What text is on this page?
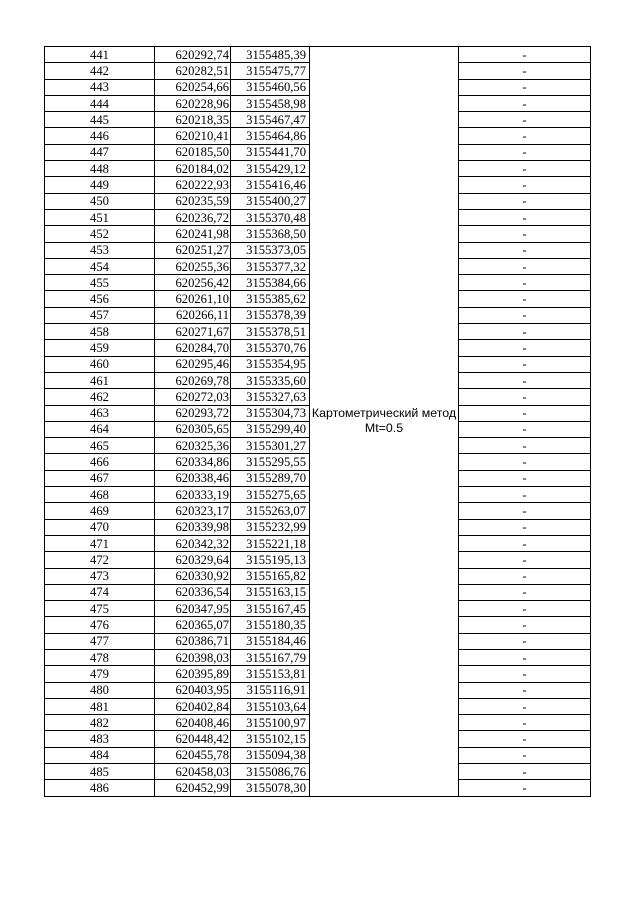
441	620292,74	3155485,39	Картометрический метод Mt=0.5	-
442	620282,51	3155475,77		-
443	620254,66	3155460,56		-
444	620228,96	3155458,98		-
445	620218,35	3155467,47		-
446	620210,41	3155464,86		-
447	620185,50	3155441,70		-
448	620184,02	3155429,12		-
449	620222,93	3155416,46		-
450	620235,59	3155400,27		-
451	620236,72	3155370,48		-
452	620241,98	3155368,50		-
453	620251,27	3155373,05		-
454	620255,36	3155377,32		-
455	620256,42	3155384,66		-
456	620261,10	3155385,62		-
457	620266,11	3155378,39		-
458	620271,67	3155378,51		-
459	620284,70	3155370,76		-
460	620295,46	3155354,95		-
461	620269,78	3155335,60		-
462	620272,03	3155327,63		-
463	620293,72	3155304,73		-
464	620305,65	3155299,40		-
465	620325,36	3155301,27		-
466	620334,86	3155295,55		-
467	620338,46	3155289,70		-
468	620333,19	3155275,65		-
469	620323,17	3155263,07		-
470	620339,98	3155232,99		-
471	620342,32	3155221,18		-
472	620329,64	3155195,13		-
473	620330,92	3155165,82		-
474	620336,54	3155163,15		-
475	620347,95	3155167,45		-
476	620365,07	3155180,35		-
477	620386,71	3155184,46		-
478	620398,03	3155167,79		-
479	620395,89	3155153,81		-
480	620403,95	3155116,91		-
481	620402,84	3155103,64		-
482	620408,46	3155100,97		-
483	620448,42	3155102,15		-
484	620455,78	3155094,38		-
485	620458,03	3155086,76		-
486	620452,99	3155078,30		-
